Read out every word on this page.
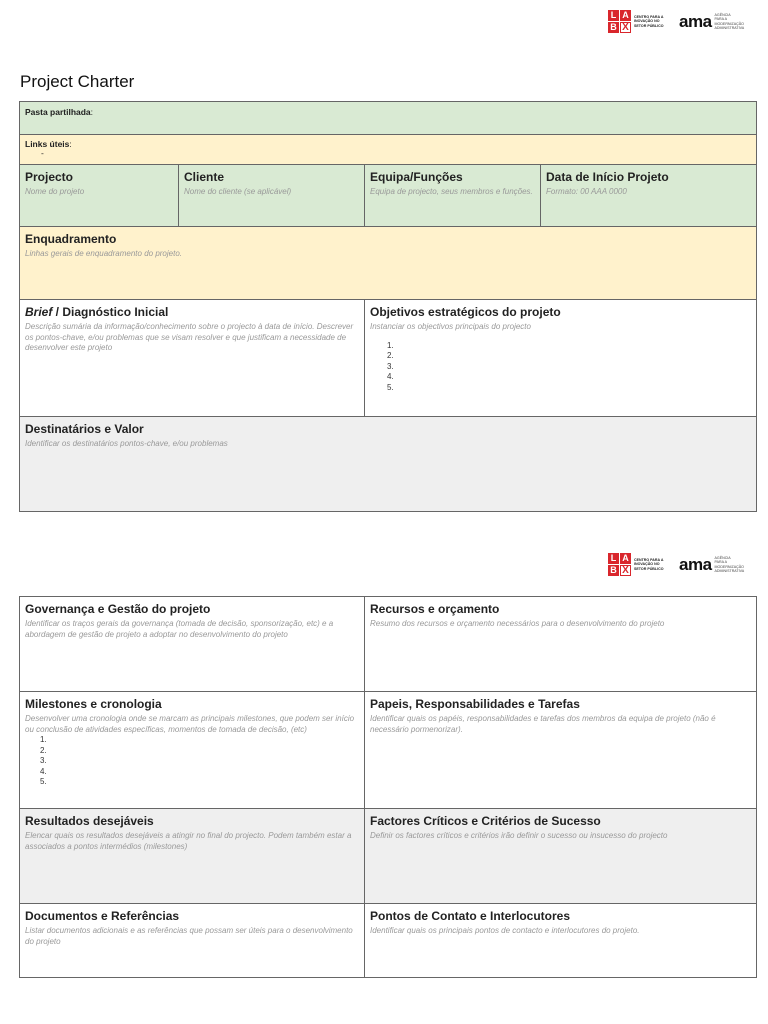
L A
B X
CENTRO PARA A INOVAÇÃO NO SETOR PÚBLICO ama AGÊNCIA PARA A MODERNIZAÇÃO ADMINISTRATIVA
Project Charter
Pasta partilhada:
Links úteis:
-
Projecto
Nome do projeto
Cliente
Nome do cliente (se aplicável)
Equipa/Funções
Equipa de projecto, seus membros e funções.
Data de Início Projeto
Formato: 00 AAA 0000
Enquadramento
Linhas gerais de enquadramento do projeto.
Brief / Diagnóstico Inicial
Descrição sumária da informação/conhecimento sobre o projecto à data de início. Descrever os pontos-chave, e/ou problemas que se visam resolver e que justificam a necessidade de desenvolver este projeto
Objetivos estratégicos do projeto
Instanciar os objectivos principais do projecto
1.
2.
3.
4.
5.
Destinatários e Valor
Identificar os destinatários pontos-chave, e/ou problemas
L A
B X
CENTRO PARA A INOVAÇÃO NO SETOR PÚBLICO ama AGÊNCIA PARA A MODERNIZAÇÃO ADMINISTRATIVA
Governança e Gestão do projeto
Identificar os traços gerais da governança (tomada de decisão, sponsorização, etc) e a abordagem de gestão de projeto a adoptar no desenvolvimento do projeto
Recursos e orçamento
Resumo dos recursos e orçamento necessários para o desenvolvimento do projeto
Milestones e cronologia
Desenvolver uma cronologia onde se marcam as principais milestones, que podem ser início ou conclusão de atividades específicas, momentos de tomada de decisão, (etc)
1.
2.
3.
4.
5.
Papeis, Responsabilidades e Tarefas
Identificar quais os papéis, responsabilidades e tarefas dos membros da equipa de projeto (não é necessário pormenorizar).
Resultados desejáveis
Elencar quais os resultados desejáveis a atingir no final do projecto. Podem também estar a associados a pontos intermédios (milestones)
Factores Críticos e Critérios de Sucesso
Definir os factores críticos e critérios irão definir o sucesso ou insucesso do projecto
Documentos e Referências
Listar documentos adicionais e as referências que possam ser úteis para o desenvolvimento do projeto
Pontos de Contato e Interlocutores
Identificar quais os principais pontos de contacto e interlocutores do projeto.
